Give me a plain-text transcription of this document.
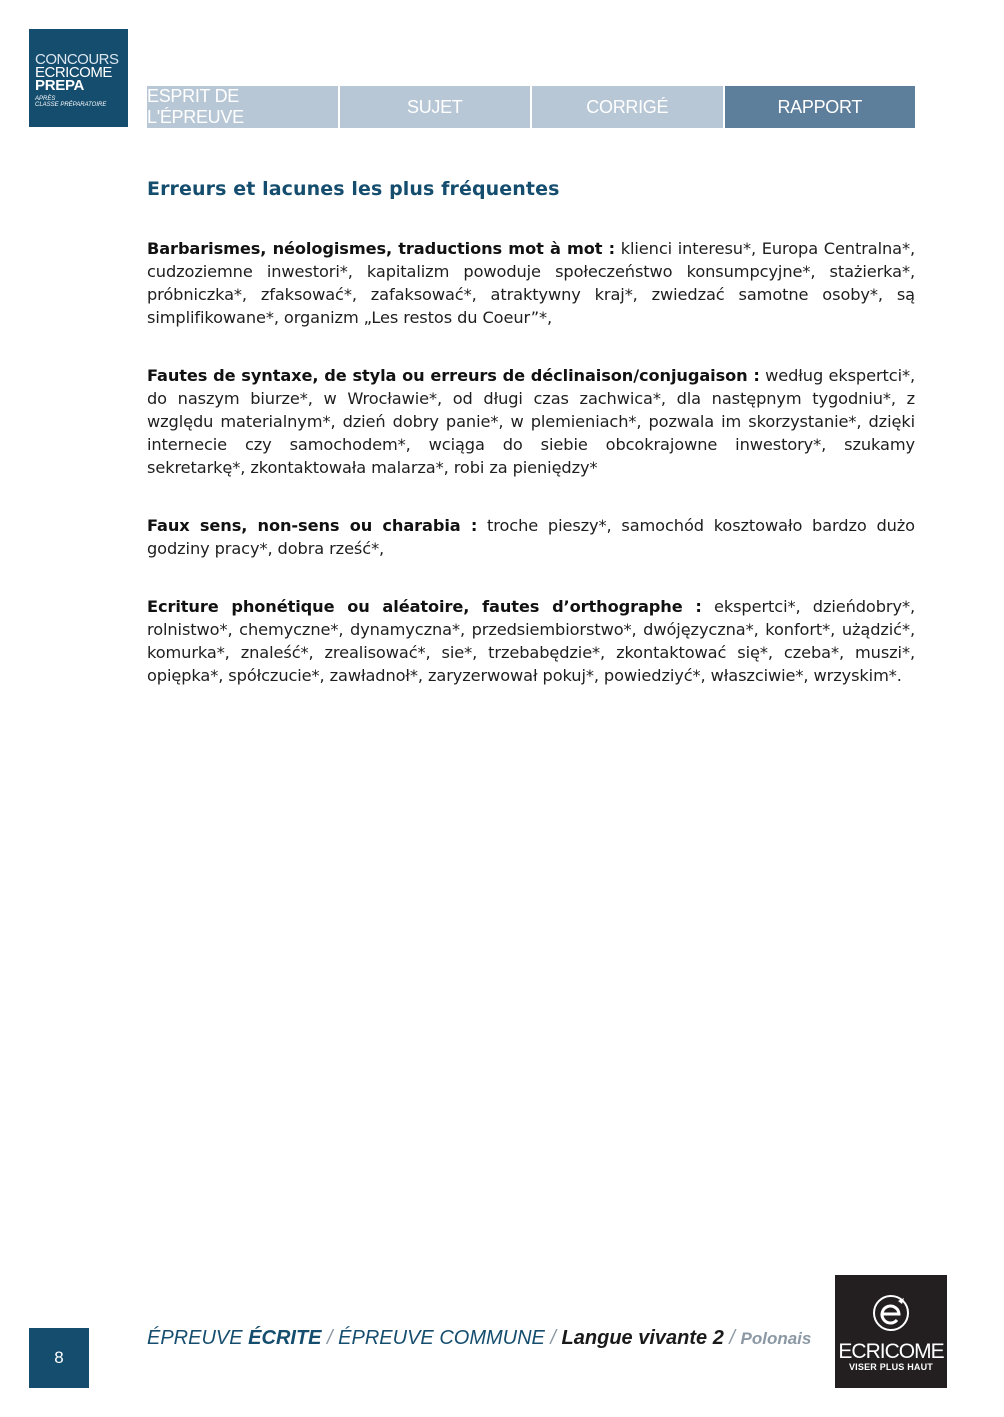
CONCOURS
ECRICOME
PREPA
APRÈS
CLASSE PRÉPARATOIRE	ESPRIT DE L'ÉPREUVE
SUJET	CORRIGÉ	RAPPORT
Erreurs et lacunes les plus fréquentes

Barbarismes, néologismes, traductions mot à mot : klienci interesu*, Europa Centralna*, cudzoziemne inwestori*, kapitalizm powoduje społeczeństwo konsumpcyjne*, stażierka*, próbniczka*, zfaksować*, zafaksować*, atraktywny kraj*, zwiedzać samotne osoby*, są simplifikowane*, organizm „Les restos du Coeur”*,

Fautes de syntaxe, de styla ou erreurs de déclinaison/conjugaison : według ekspertci*, do naszym biurze*, w Wrocławie*, od długi czas zachwica*, dla następnym tygodniu*, z względu materialnym*, dzień dobry panie*, w plemieniach*, pozwala im skorzystanie*, dzięki internecie czy samochodem*, wciąga do siebie obcokrajowne inwestory*, szukamy sekretarkę*, zkontaktowała malarza*, robi za pieniędzy*

Faux sens, non-sens ou charabia : troche pieszy*, samochód kosztowało bardzo dużo godziny pracy*, dobra rześć*,

Ecriture phonétique ou aléatoire, fautes d’orthographe : ekspertci*, dzieńdobry*, rolnistwo*, chemyczne*, dynamyczna*, przedsiembiorstwo*, dwójęzyczna*, konfort*, użądzić*, komurka*, znaleść*, zrealisować*, sie*, trzebabędzie*, zkontaktować się*, czeba*, muszi*, opiępka*, spółczucie*, zawładnoł*, zaryzerwował pokuj*, powiedziyć*, właszciwie*, wrzyskim*.

8
ÉPREUVE ÉCRITE / ÉPREUVE COMMUNE / Langue vivante 2 / Polonais
ECRICOME
VISER PLUS HAUT
